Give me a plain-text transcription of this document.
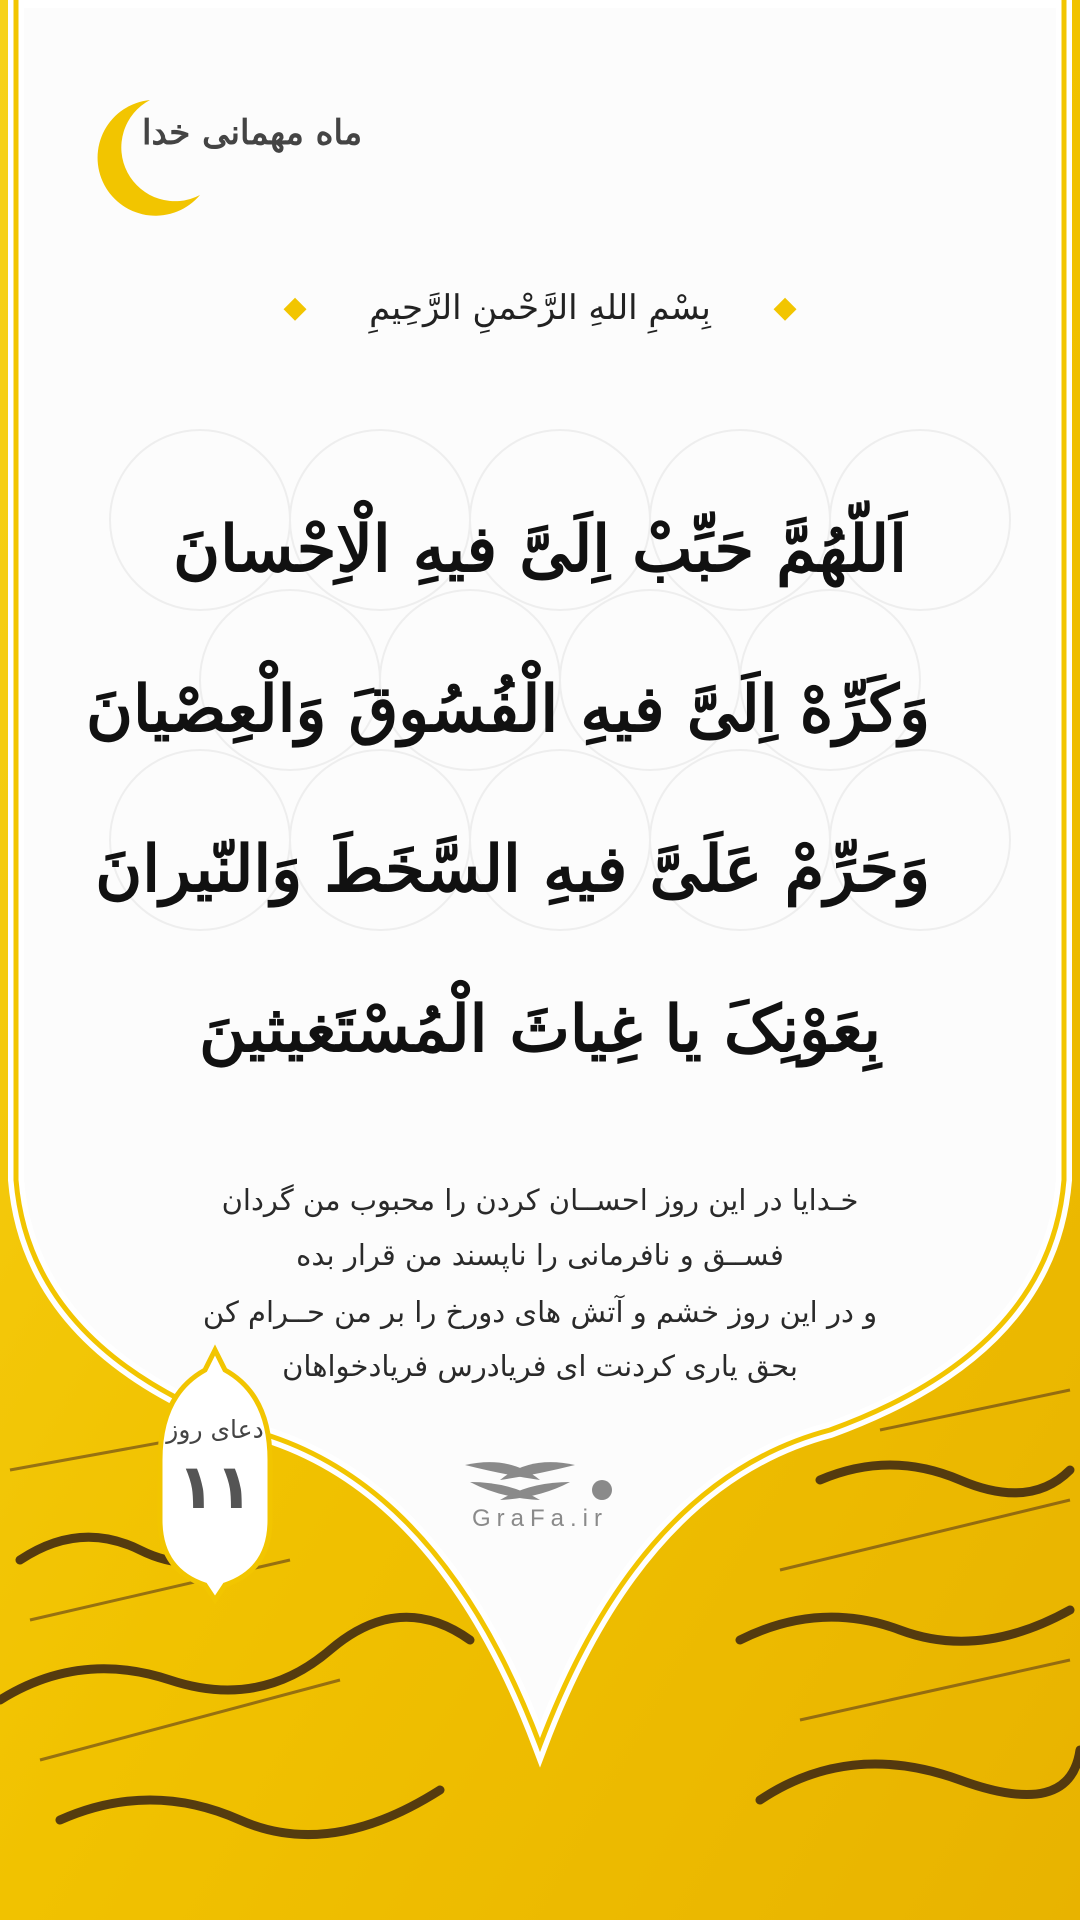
ماه مهمانی خدا
◆ بِسْمِ اللهِ الرَّحْمنِ الرَّحِیمِ ◆
اَللّهُمَّ حَبِّبْ اِلَیَّ فیهِ الْاِحْسانَ
وَکَرِّهْ اِلَیَّ فیهِ الْفُسُوقَ وَالْعِصْیانَ
وَحَرِّمْ عَلَیَّ فیهِ السَّخَطَ وَالنّیرانَ
بِعَوْنِکَ یا غِیاثَ الْمُسْتَغیثینَ
خـدایا در این روز احســان کردن را محبوب من گردان
فســق و نافرمانی را ناپسند من قرار بده
و در این روز خشم و آتش های دورخ را بر من حــرام کن
بحق یاری کردنت ای فریادرس فریادخواهان
دعای روز
۱۱	GraFa.ir
